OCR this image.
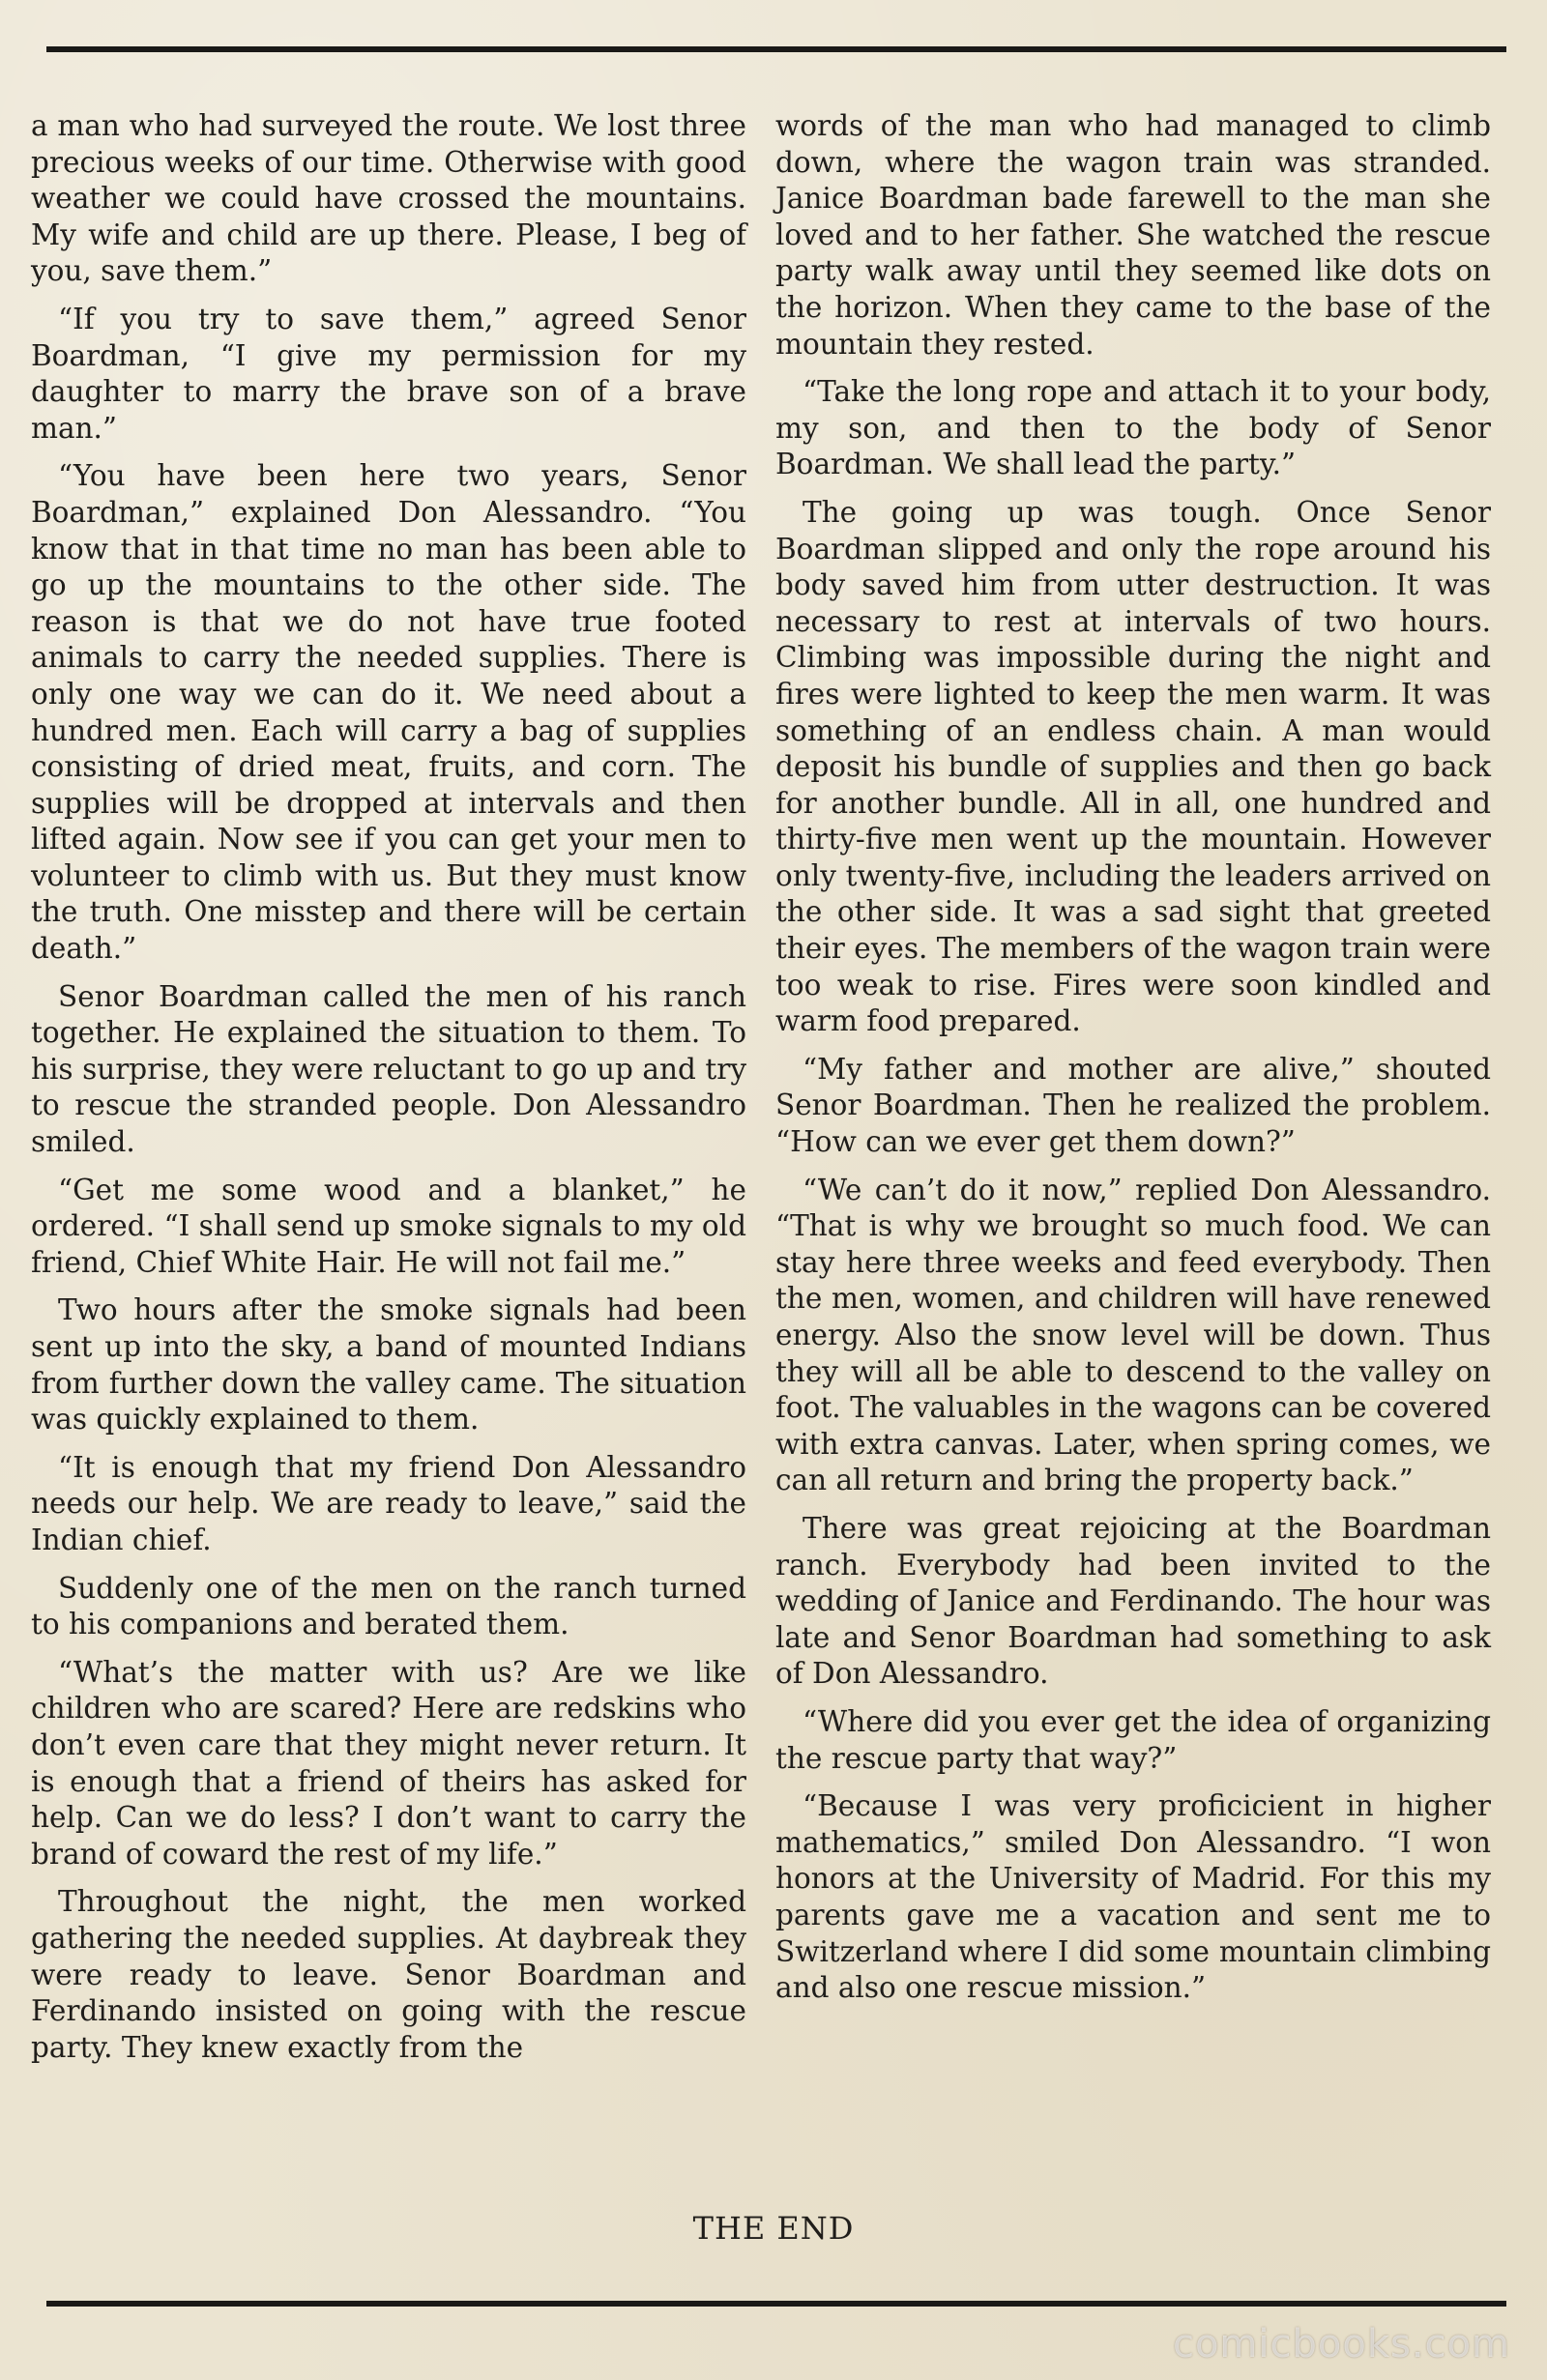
a man who had surveyed the route. We lost three precious weeks of our time. Otherwise with good weather we could have crossed the mountains. My wife and child are up there. Please, I beg of you, save them.”

“If you try to save them,” agreed Senor Boardman, “I give my permission for my daughter to marry the brave son of a brave man.”

“You have been here two years, Senor Boardman,” explained Don Alessandro. “You know that in that time no man has been able to go up the mountains to the other side. The reason is that we do not have true footed animals to carry the needed supplies. There is only one way we can do it. We need about a hundred men. Each will carry a bag of supplies consisting of dried meat, fruits, and corn. The supplies will be dropped at intervals and then lifted again. Now see if you can get your men to volunteer to climb with us. But they must know the truth. One misstep and there will be certain death.”

Senor Boardman called the men of his ranch together. He explained the situation to them. To his surprise, they were reluctant to go up and try to rescue the stranded people. Don Alessandro smiled.

“Get me some wood and a blanket,” he ordered. “I shall send up smoke signals to my old friend, Chief White Hair. He will not fail me.”

Two hours after the smoke signals had been sent up into the sky, a band of mounted Indians from further down the valley came. The situation was quickly explained to them.

“It is enough that my friend Don Alessandro needs our help. We are ready to leave,” said the Indian chief.

Suddenly one of the men on the ranch turned to his companions and berated them.

“What’s the matter with us? Are we like children who are scared? Here are redskins who don’t even care that they might never return. It is enough that a friend of theirs has asked for help. Can we do less? I don’t want to carry the brand of coward the rest of my life.”

Throughout the night, the men worked gathering the needed supplies. At daybreak they were ready to leave. Senor Boardman and Ferdinando insisted on going with the rescue party. They knew exactly from the

words of the man who had managed to climb down, where the wagon train was stranded. Janice Boardman bade farewell to the man she loved and to her father. She watched the rescue party walk away until they seemed like dots on the horizon. When they came to the base of the mountain they rested.

“Take the long rope and attach it to your body, my son, and then to the body of Senor Boardman. We shall lead the party.”

The going up was tough. Once Senor Boardman slipped and only the rope around his body saved him from utter destruction. It was necessary to rest at intervals of two hours. Climbing was impossible during the night and fires were lighted to keep the men warm. It was something of an endless chain. A man would deposit his bundle of supplies and then go back for another bundle. All in all, one hundred and thirty-five men went up the mountain. However only twenty-five, including the leaders arrived on the other side. It was a sad sight that greeted their eyes. The members of the wagon train were too weak to rise. Fires were soon kindled and warm food prepared.

“My father and mother are alive,” shouted Senor Boardman. Then he realized the problem. “How can we ever get them down?”

“We can’t do it now,” replied Don Alessandro. “That is why we brought so much food. We can stay here three weeks and feed everybody. Then the men, women, and children will have renewed energy. Also the snow level will be down. Thus they will all be able to descend to the valley on foot. The valuables in the wagons can be covered with extra canvas. Later, when spring comes, we can all return and bring the property back.”

There was great rejoicing at the Boardman ranch. Everybody had been invited to the wedding of Janice and Ferdinando. The hour was late and Senor Boardman had something to ask of Don Alessandro.

“Where did you ever get the idea of organizing the rescue party that way?”

“Because I was very proficicient in higher mathematics,” smiled Don Alessandro. “I won honors at the University of Madrid. For this my parents gave me a vacation and sent me to Switzerland where I did some mountain climbing and also one rescue mission.”

THE END
comicbooks.com
